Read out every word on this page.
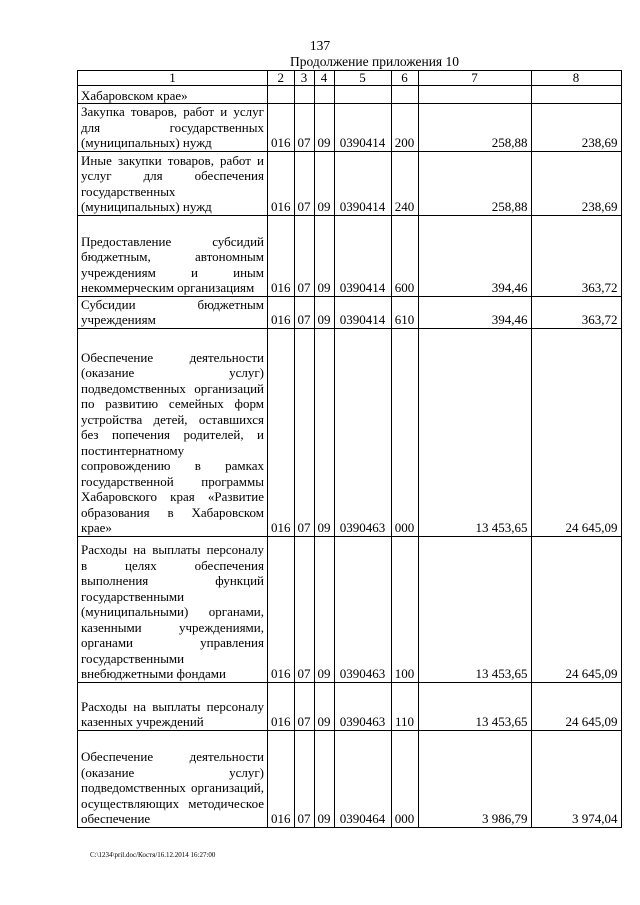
137
Продолжение приложения 10
1	2	3	4	5	6	7	8
Хабаровском крае»							
Закупка товаров, работ и услуг для государственных (муниципальных) нужд	016	07	09	0390414	200	258,88	238,69
Иные закупки товаров, работ и услуг для обеспечения государственных (муниципальных) нужд	016	07	09	0390414	240	258,88	238,69
Предоставление субсидий бюджетным, автономным учреждениям и иным некоммерческим организациям	016	07	09	0390414	600	394,46	363,72
Субсидии бюджетным учреждениям	016	07	09	0390414	610	394,46	363,72
Обеспечение деятельности (оказание услуг) подведомственных организаций по развитию семейных форм устройства детей, оставшихся без попечения родителей, и постинтернатному сопровождению в рамках государственной программы Хабаровского края «Развитие образования в Хабаровском крае»	016	07	09	0390463	000	13 453,65	24 645,09
Расходы на выплаты персоналу в целях обеспечения выполнения функций государственными (муниципальными) органами, казенными учреждениями, органами управления государственными внебюджетными фондами	016	07	09	0390463	100	13 453,65	24 645,09
Расходы на выплаты персоналу казенных учреждений	016	07	09	0390463	110	13 453,65	24 645,09
Обеспечение деятельности (оказание услуг) подведомственных организаций, осуществляющих методическое обеспечение	016	07	09	0390464	000	3 986,79	3 974,04
C:\1234\pril.doc/Костя/16.12.2014 16:27:00
